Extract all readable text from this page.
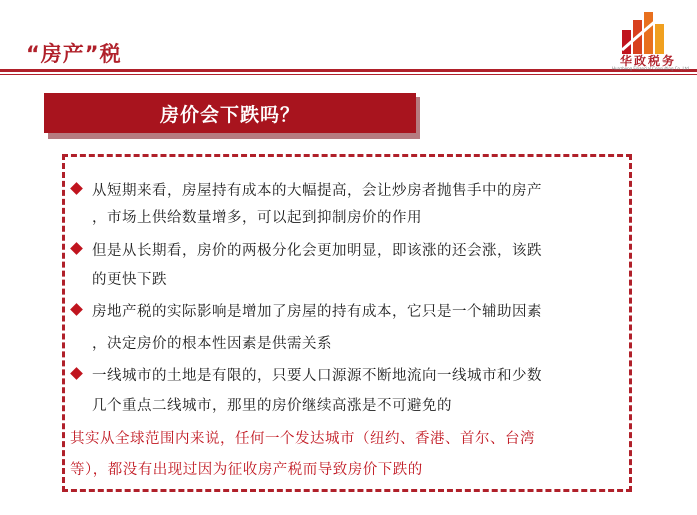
“房产”税	华政税务
Huazheng Financial Consulting Co.,Ltd
房价会下跌吗？
从短期来看，房屋持有成本的大幅提高，会让炒房者抛售手中的房产
，市场上供给数量增多，可以起到抑制房价的作用
但是从长期看，房价的两极分化会更加明显，即该涨的还会涨，该跌
的更快下跌
房地产税的实际影响是增加了房屋的持有成本，它只是一个辅助因素
，决定房价的根本性因素是供需关系
一线城市的土地是有限的，只要人口源源不断地流向一线城市和少数
几个重点二线城市，那里的房价继续高涨是不可避免的
其实从全球范围内来说，任何一个发达城市（纽约、香港、首尔、台湾
等），都没有出现过因为征收房产税而导致房价下跌的
